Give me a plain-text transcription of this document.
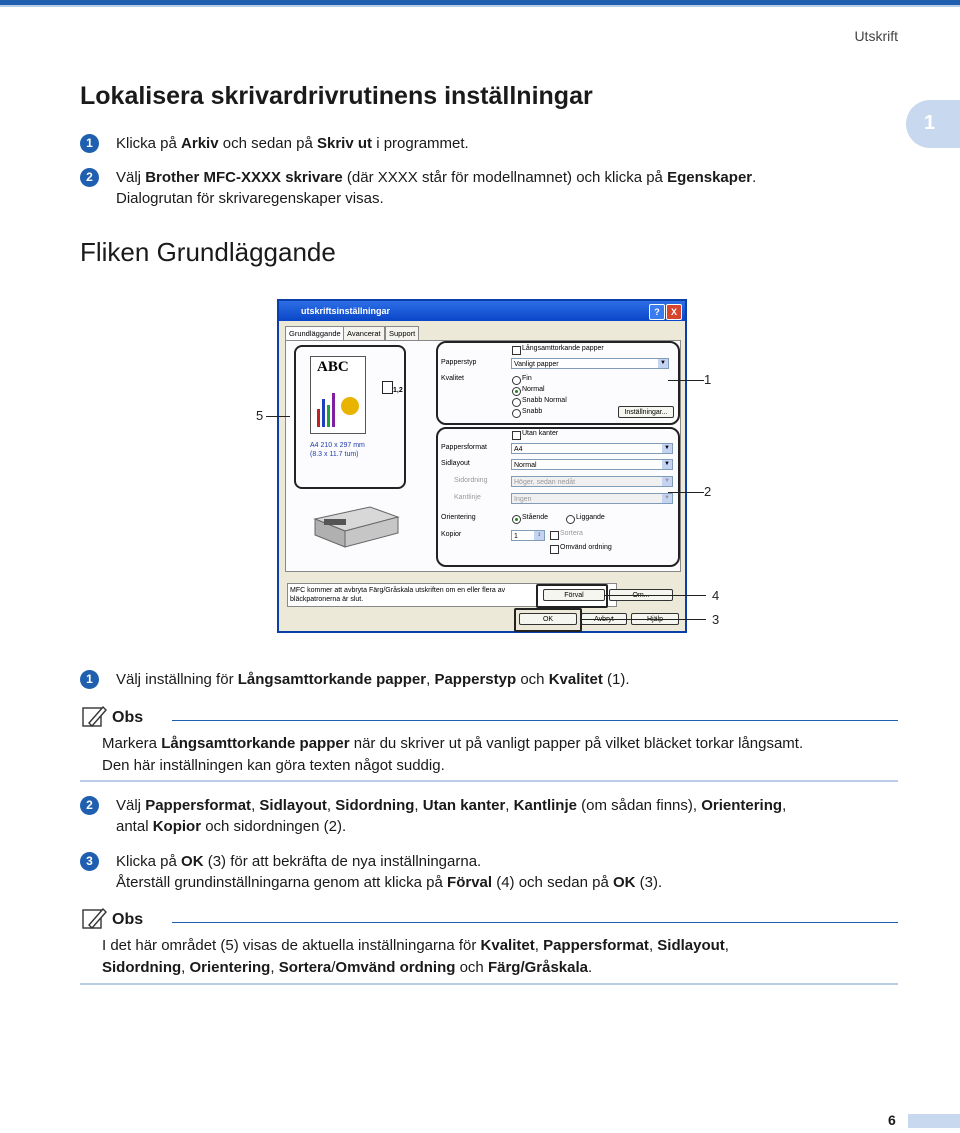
Utskrift
1
Lokalisera skrivardrivrutinens inställningar
1	Klicka på Arkiv och sedan på Skriv ut i programmet.
2	Välj Brother MFC-XXXX skrivare (där XXXX står för modellnamnet) och klicka på Egenskaper.
Dialogrutan för skrivaregenskaper visas.
Fliken Grundläggande
utskriftsinställningar	?	X
Grundläggande Avancerat	Support
ABC
1,2
A4 210 x 297 mm
(8.3 x 11.7 tum)
Långsamttorkande papper
Papperstyp	Vanligt papper	▼
Kvalitet	Fin
Normal
Snabb Normal
Snabb	Inställningar...
Utan kanter
Pappersformat	A4	▼
Sidlayout	Normal	▼
Sidordning	Höger, sedan nedåt	▼
Kantlinje	Ingen	▼
Orientering	Stående	Liggande
Kopior	1	↕	Sortera
Omvänd ordning
MFC kommer att avbryta Färg/Gråskala utskriften om en eller flera av
bläckpatronerna är slut.
Förval
OK
1
2
3
4
5
1	Välj inställning för Långsamttorkande papper, Papperstyp och Kvalitet (1).
Obs
Markera Långsamttorkande papper när du skriver ut på vanligt papper på vilket bläcket torkar långsamt.
Den här inställningen kan göra texten något suddig.
2	Välj Pappersformat, Sidlayout, Sidordning, Utan kanter, Kantlinje (om sådan finns), Orientering,
antal Kopior och sidordningen (2).
3	Klicka på OK (3) för att bekräfta de nya inställningarna.
Återställ grundinställningarna genom att klicka på Förval (4) och sedan på OK (3).
Obs
I det här området (5) visas de aktuella inställningarna för Kvalitet, Pappersformat, Sidlayout,
Sidordning, Orientering, Sortera/Omvänd ordning och Färg/Gråskala.
6
